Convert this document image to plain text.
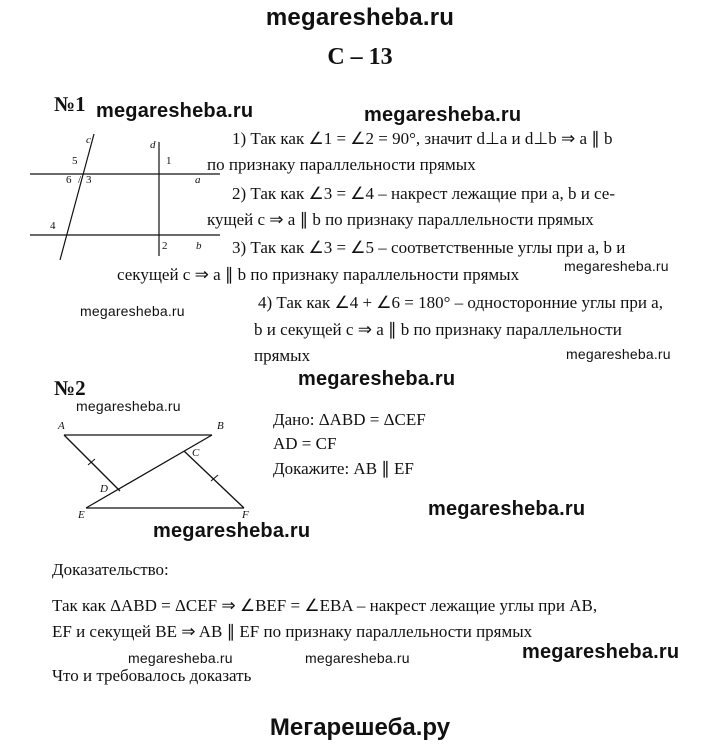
megaresheba.ru
С – 13
№1 megaresheba.ru	megaresheba.ru
c	d
a
b
1
2
3
4
5
6 /
1) Так как ∠1 = ∠2 = 90°, значит d⊥a и d⊥b ⇒ a ∥ b
по признаку параллельности прямых
2) Так как ∠3 = ∠4 – накрест лежащие при a, b и се-
кущей c ⇒ a ∥ b по признаку параллельности прямых
3) Так как ∠3 = ∠5 – соответственные углы при a, b и
секущей c ⇒ a ∥ b по признаку параллельности прямых	megaresheba.ru
4) Так как ∠4 + ∠6 = 180° – односторонние углы при a,
megaresheba.ru
b и секущей c ⇒ a ∥ b по признаку параллельности
прямых	megaresheba.ru
№2	megaresheba.ru
megaresheba.ru
A	B
C
D
E	F
Дано: ΔABD = ΔCEF
AD = CF
Докажите: AB ∥ EF
megaresheba.ru
megaresheba.ru
Доказательство:
Так как ΔABD = ΔCEF ⇒ ∠BEF = ∠EBA – накрест лежащие углы при AB,
EF и секущей BE ⇒ AB ∥ EF по признаку параллельности прямых
megaresheba.ru	megaresheba.ru	megaresheba.ru
Что и требовалось доказать
Мегарешеба.ру
